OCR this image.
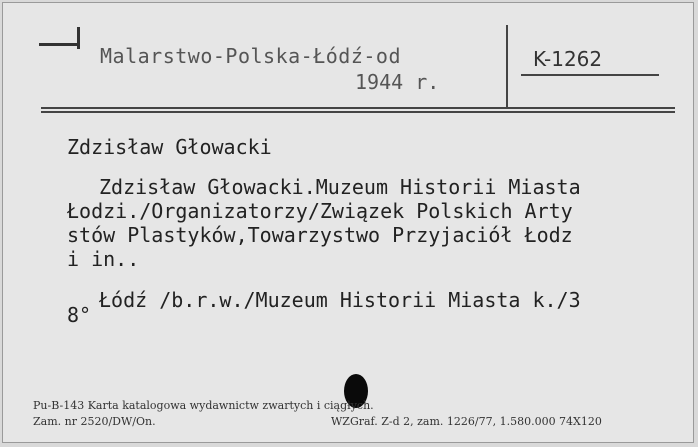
Malarstwo-Polska-Łódź-od
1944 r.
K-1262
Zdzisław Głowacki
Zdzisław Głowacki.Muzeum Historii Miasta
Łodzi./Organizatorzy/Związek Polskich Arty
stów Plastyków,Towarzystwo Przyjaciół Łodz
i in..
Łódź /b.r.w./Muzeum Historii Miasta k./3
8°
Pu-B-143 Karta katalogowa wydawnictw zwartych i ciągłych.
Zam. nr 2520/DW/On.	WZGraf. Z-d 2, zam. 1226/77, 1.580.000 74X120
